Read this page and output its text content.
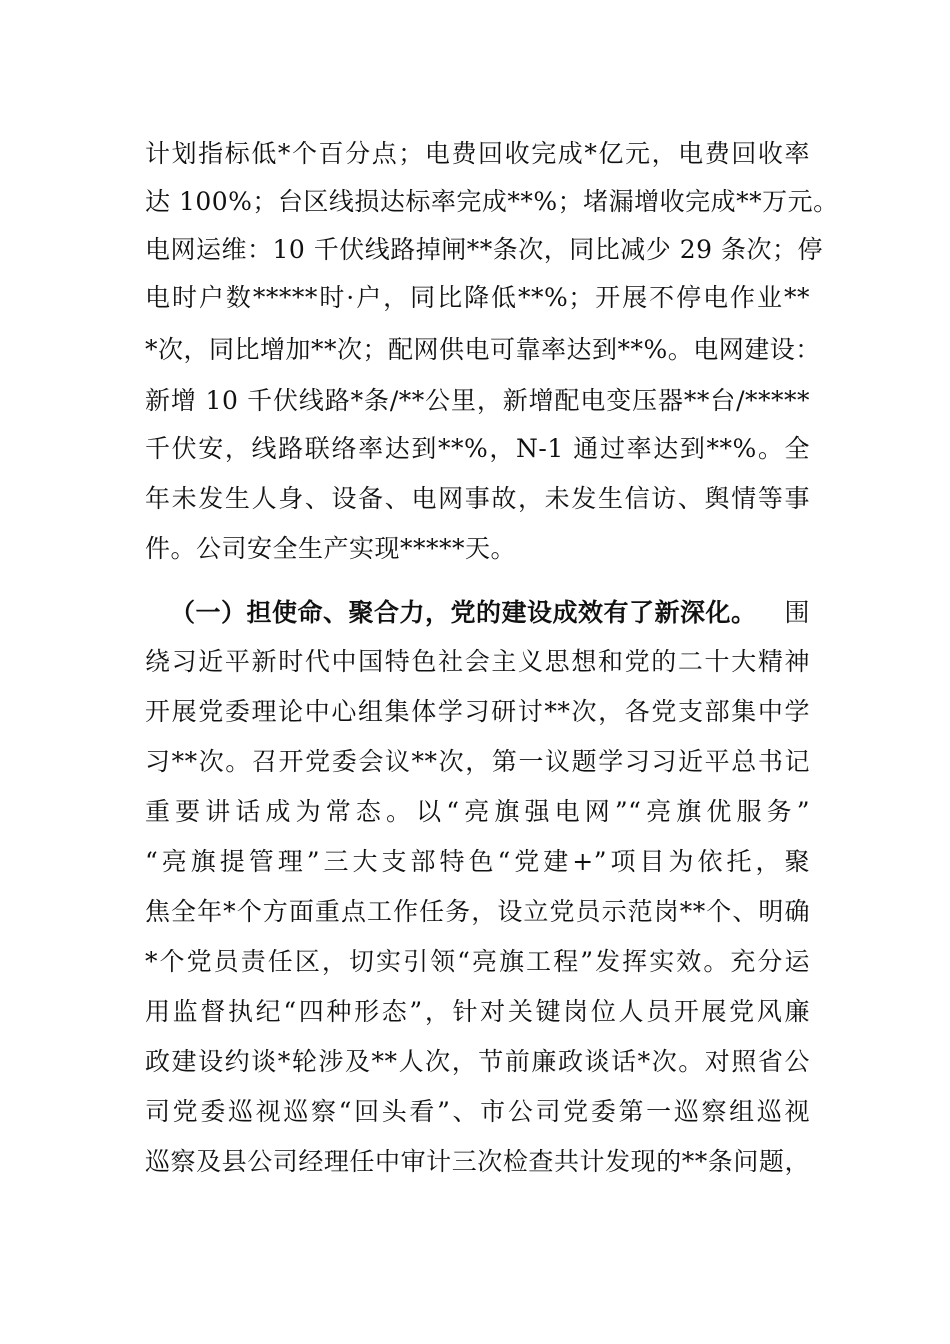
计划指标低*个百分点；电费回收完成*亿元，电费回收率
达 100%；台区线损达标率完成**%；堵漏增收完成**万元。
电网运维：10 千伏线路掉闸**条次，同比减少 29 条次；停
电时户数*****时·户，同比降低**%；开展不停电作业**
*次，同比增加**次；配网供电可靠率达到**%。电网建设：
新增 10 千伏线路*条/**公里，新增配电变压器**台/*****
千伏安，线路联络率达到**%，N-1 通过率达到**%。全
年未发生人身、设备、电网事故，未发生信访、舆情等事
件。公司安全生产实现*****天。
（一）担使命、聚合力，党的建设成效有了新深化。 围
绕习近平新时代中国特色社会主义思想和党的二十大精神
开展党委理论中心组集体学习研讨**次，各党支部集中学
习**次。召开党委会议**次，第一议题学习习近平总书记
重要讲话成为常态。以“亮旗强电网”“亮旗优服务”
“亮旗提管理”三大支部特色“党建+”项目为依托，聚
焦全年*个方面重点工作任务，设立党员示范岗**个、明确
*个党员责任区，切实引领“亮旗工程”发挥实效。充分运
用监督执纪“四种形态”，针对关键岗位人员开展党风廉
政建设约谈*轮涉及**人次，节前廉政谈话*次。对照省公
司党委巡视巡察“回头看”、市公司党委第一巡察组巡视
巡察及县公司经理任中审计三次检查共计发现的**条问题，
